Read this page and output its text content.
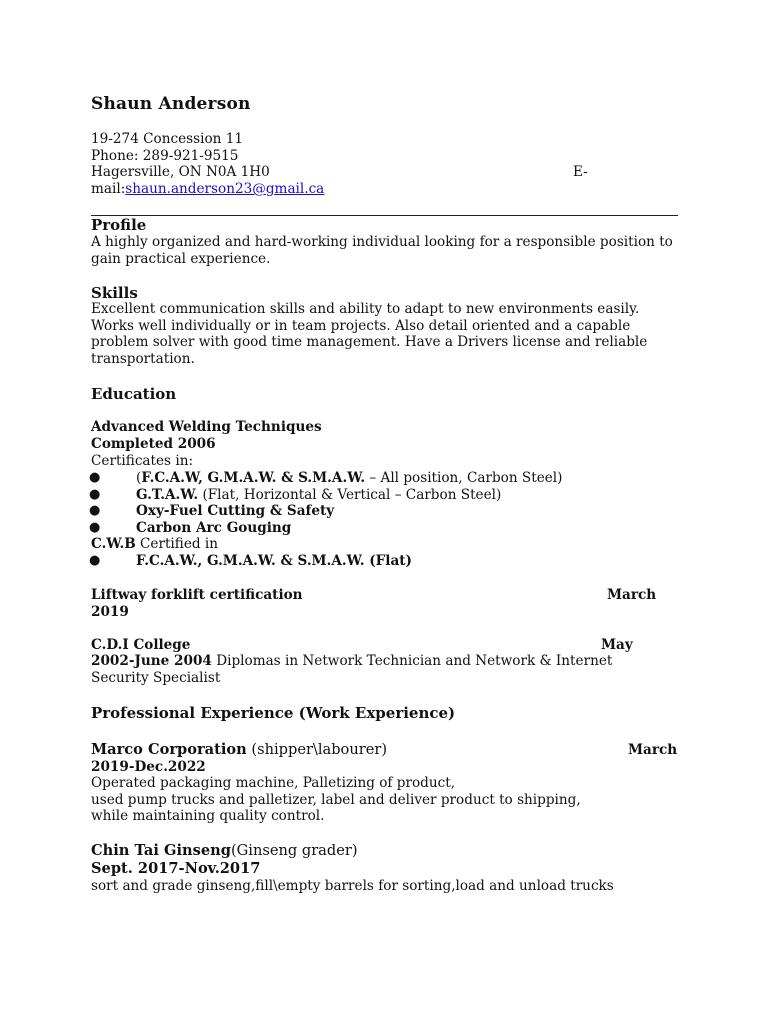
Shaun Anderson
19-274 Concession 11
Phone: 289-921-9515
Hagersville, ON N0A 1H0	E-
mail:shaun.anderson23@gmail.ca
Profile
A highly organized and hard-working individual looking for a responsible position to gain practical experience.
Skills
Excellent communication skills and ability to adapt to new environments easily. Works well individually or in team projects. Also detail oriented and a capable problem solver with good time management. Have a Drivers license and reliable transportation.
Education
Advanced Welding Techniques
Completed 2006
Certificates in:
●	(F.C.A.W, G.M.A.W. & S.M.A.W. – All position, Carbon Steel)
●	G.T.A.W. (Flat, Horizontal & Vertical – Carbon Steel)
●	Oxy-Fuel Cutting & Safety
●	Carbon Arc Gouging
C.W.B Certified in
●	F.C.A.W., G.M.A.W. & S.M.A.W. (Flat)
Liftway forklift certification	March
2019
C.D.I College	May
2002-June 2004 Diplomas in Network Technician and Network & Internet
Security Specialist
Professional Experience (Work Experience)
Marco Corporation (shipper\labourer)	March
2019-Dec.2022
Operated packaging machine, Palletizing of product,
used pump trucks and palletizer, label and deliver product to shipping,
while maintaining quality control.
Chin Tai Ginseng(Ginseng grader)
Sept. 2017-Nov.2017
sort and grade ginseng,fill\empty barrels for sorting,load and unload trucks
